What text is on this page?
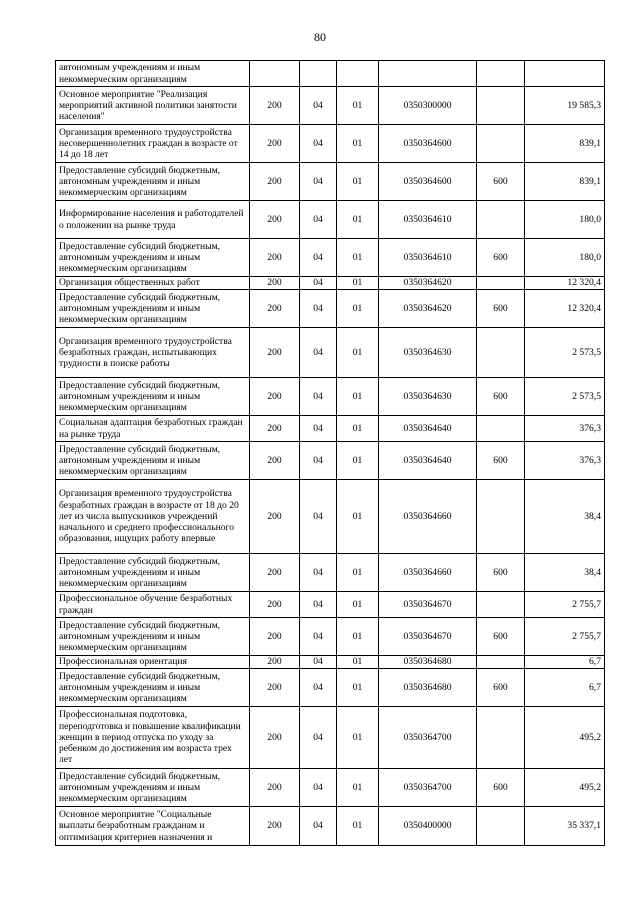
80
автономным учреждениям и иным некоммерческим организациям						
Основное мероприятие "Реализация мероприятий активной политики занятости населения"	200	04	01	0350300000		19 585,3
Организация временного трудоустройства несовершеннолетних граждан в возрасте от 14 до 18 лет	200	04	01	0350364600		839,1
Предоставление субсидий бюджетным, автономным учреждениям и иным некоммерческим организациям	200	04	01	0350364600	600	839,1
Информирование населения и работодателей о положении на рынке труда	200	04	01	0350364610		180,0
Предоставление субсидий бюджетным, автономным учреждениям и иным некоммерческим организациям	200	04	01	0350364610	600	180,0
Организация общественных работ	200	04	01	0350364620		12 320,4
Предоставление субсидий бюджетным, автономным учреждениям и иным некоммерческим организациям	200	04	01	0350364620	600	12 320,4
Организация временного трудоустройства безработных граждан, испытывающих трудности в поиске работы	200	04	01	0350364630		2 573,5
Предоставление субсидий бюджетным, автономным учреждениям и иным некоммерческим организациям	200	04	01	0350364630	600	2 573,5
Социальная адаптация безработных граждан на рынке труда	200	04	01	0350364640		376,3
Предоставление субсидий бюджетным, автономным учреждениям и иным некоммерческим организациям	200	04	01	0350364640	600	376,3
Организация временного трудоустройства безработных граждан в возрасте от 18 до 20 лет из числа выпускников учреждений начального и среднего профессионального образования, ищущих работу впервые	200	04	01	0350364660		38,4
Предоставление субсидий бюджетным, автономным учреждениям и иным некоммерческим организациям	200	04	01	0350364660	600	38,4
Профессиональное обучение безработных граждан	200	04	01	0350364670		2 755,7
Предоставление субсидий бюджетным, автономным учреждениям и иным некоммерческим организациям	200	04	01	0350364670	600	2 755,7
Профессиональная ориентация	200	04	01	0350364680		6,7
Предоставление субсидий бюджетным, автономным учреждениям и иным некоммерческим организациям	200	04	01	0350364680	600	6,7
Профессиональная подготовка, переподготовка и повышение квалификации женщин в период отпуска по уходу за ребенком до достижения им возраста трех лет	200	04	01	0350364700		495,2
Предоставление субсидий бюджетным, автономным учреждениям и иным некоммерческим организациям	200	04	01	0350364700	600	495,2
Основное мероприятие "Социальные выплаты безработным гражданам и оптимизация критериев назначения и	200	04	01	0350400000		35 337,1
